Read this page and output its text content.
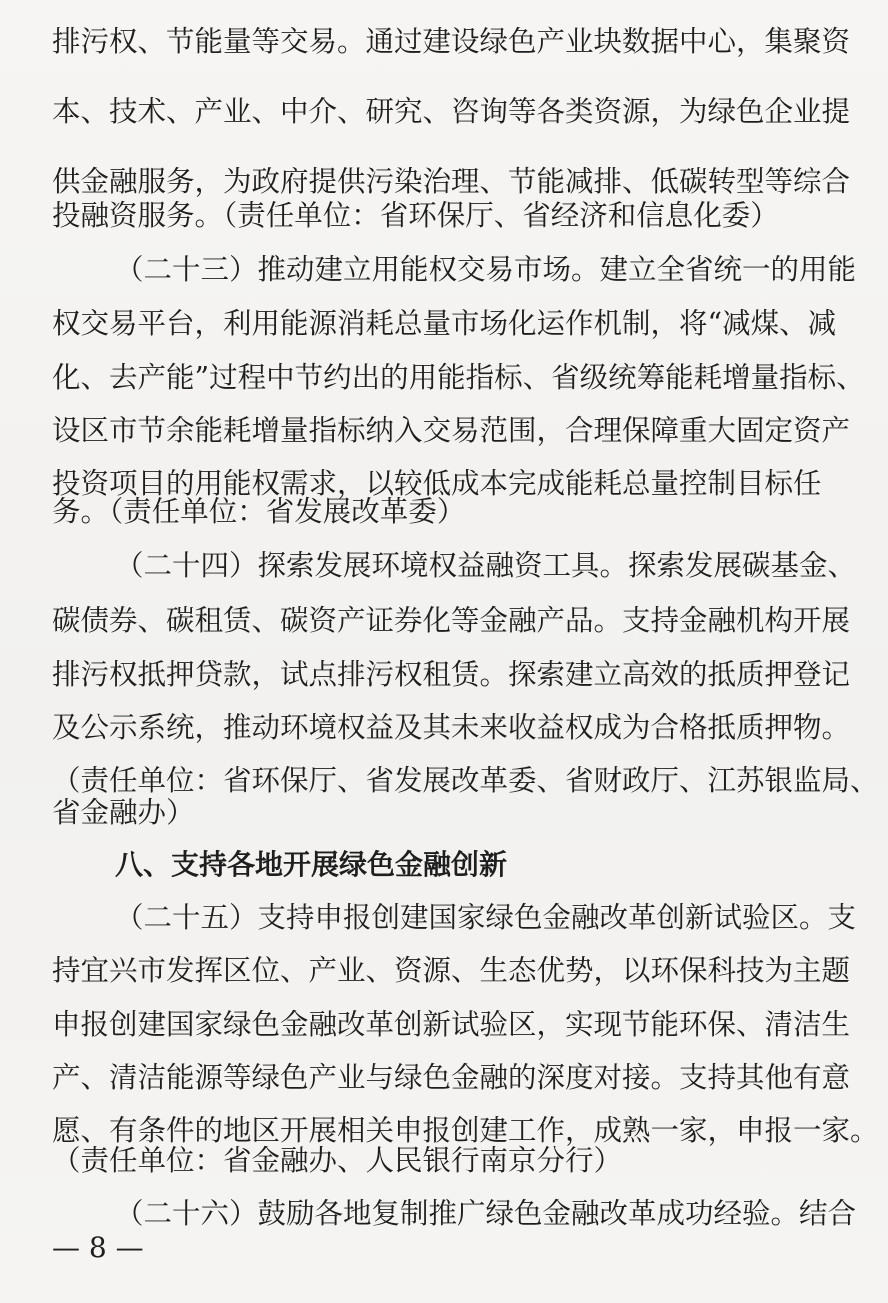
排污权、节能量等交易。通过建设绿色产业块数据中心，集聚资
本、技术、产业、中介、研究、咨询等各类资源，为绿色企业提
供金融服务，为政府提供污染治理、节能减排、低碳转型等综合
投融资服务。（责任单位：省环保厅、省经济和信息化委）
（二十三）推动建立用能权交易市场。建立全省统一的用能
权交易平台，利用能源消耗总量市场化运作机制，将“减煤、减
化、去产能”过程中节约出的用能指标、省级统筹能耗增量指标、
设区市节余能耗增量指标纳入交易范围，合理保障重大固定资产
投资项目的用能权需求，以较低成本完成能耗总量控制目标任
务。（责任单位：省发展改革委）
（二十四）探索发展环境权益融资工具。探索发展碳基金、
碳债券、碳租赁、碳资产证券化等金融产品。支持金融机构开展
排污权抵押贷款，试点排污权租赁。探索建立高效的抵质押登记
及公示系统，推动环境权益及其未来收益权成为合格抵质押物。
（责任单位：省环保厅、省发展改革委、省财政厅、江苏银监局、
省金融办）
八、支持各地开展绿色金融创新
（二十五）支持申报创建国家绿色金融改革创新试验区。支
持宜兴市发挥区位、产业、资源、生态优势，以环保科技为主题
申报创建国家绿色金融改革创新试验区，实现节能环保、清洁生
产、清洁能源等绿色产业与绿色金融的深度对接。支持其他有意
愿、有条件的地区开展相关申报创建工作，成熟一家，申报一家。
（责任单位：省金融办、人民银行南京分行）
（二十六）鼓励各地复制推广绿色金融改革成功经验。结合
— 8 —
